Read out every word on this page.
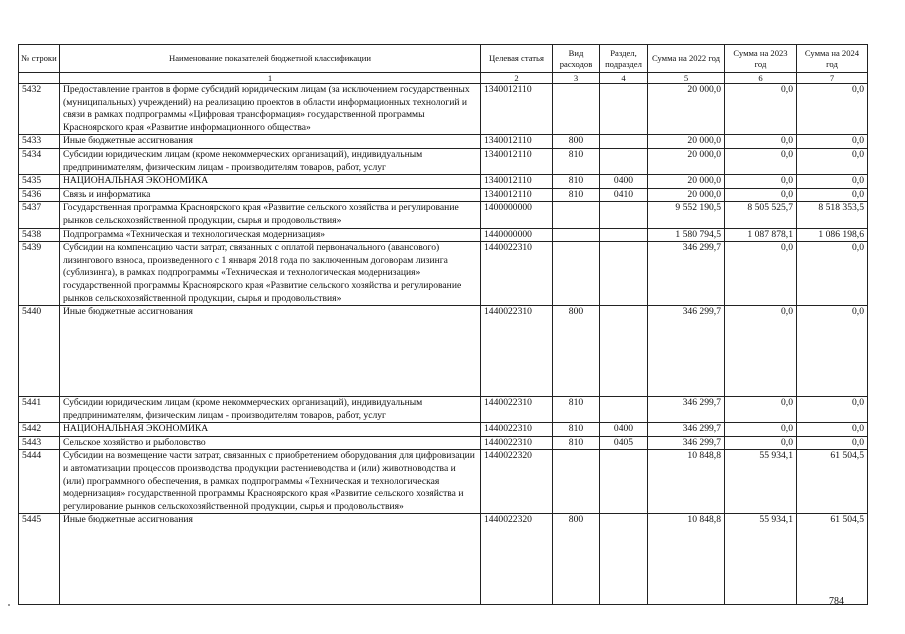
№ строки	Наименование показателей бюджетной классификации	Целевая статья	Вид расходов	Раздел, подраздел	Сумма на 2022 год	Сумма на 2023 год	Сумма на 2024 год
	1	2	3	4	5	6	7
5432	Предоставление грантов в форме субсидий юридическим лицам (за исключением государственных (муниципальных) учреждений) на реализацию проектов в области информационных технологий и связи в рамках подпрограммы «Цифровая трансформация» государственной программы Красноярского края «Развитие информационного общества»	1340012110			20 000,0	0,0	0,0
5433	Иные бюджетные ассигнования	1340012110	800		20 000,0	0,0	0,0
5434	Субсидии юридическим лицам (кроме некоммерческих организаций), индивидуальным предпринимателям, физическим лицам - производителям товаров, работ, услуг	1340012110	810		20 000,0	0,0	0,0
5435	НАЦИОНАЛЬНАЯ ЭКОНОМИКА	1340012110	810	0400	20 000,0	0,0	0,0
5436	Связь и информатика	1340012110	810	0410	20 000,0	0,0	0,0
5437	Государственная программа Красноярского края «Развитие сельского хозяйства и регулирование рынков сельскохозяйственной продукции, сырья и продовольствия»	1400000000			9 552 190,5	8 505 525,7	8 518 353,5
5438	Подпрограмма «Техническая и технологическая модернизация»	1440000000			1 580 794,5	1 087 878,1	1 086 198,6
5439	Субсидии на компенсацию части затрат, связанных с оплатой первоначального (авансового) лизингового взноса, произведенного с 1 января 2018 года по заключенным договорам лизинга (сублизинга), в рамках подпрограммы «Техническая и технологическая модернизация» государственной программы Красноярского края «Развитие сельского хозяйства и регулирование рынков сельскохозяйственной продукции, сырья и продовольствия»	1440022310			346 299,7	0,0	0,0
5440	Иные бюджетные ассигнования	1440022310	800		346 299,7	0,0	0,0
5441	Субсидии юридическим лицам (кроме некоммерческих организаций), индивидуальным предпринимателям, физическим лицам - производителям товаров, работ, услуг	1440022310	810		346 299,7	0,0	0,0
5442	НАЦИОНАЛЬНАЯ ЭКОНОМИКА	1440022310	810	0400	346 299,7	0,0	0,0
5443	Сельское хозяйство и рыболовство	1440022310	810	0405	346 299,7	0,0	0,0
5444	Субсидии на возмещение части затрат, связанных с приобретением оборудования для цифровизации и автоматизации процессов производства продукции растениеводства и (или) животноводства и (или) программного обеспечения, в рамках подпрограммы «Техническая и технологическая модернизация» государственной программы Красноярского края «Развитие сельского хозяйства и регулирование рынков сельскохозяйственной продукции, сырья и продовольствия»	1440022320			10 848,8	55 934,1	61 504,5
5445	Иные бюджетные ассигнования	1440022320	800		10 848,8	55 934,1	61 504,5
784
